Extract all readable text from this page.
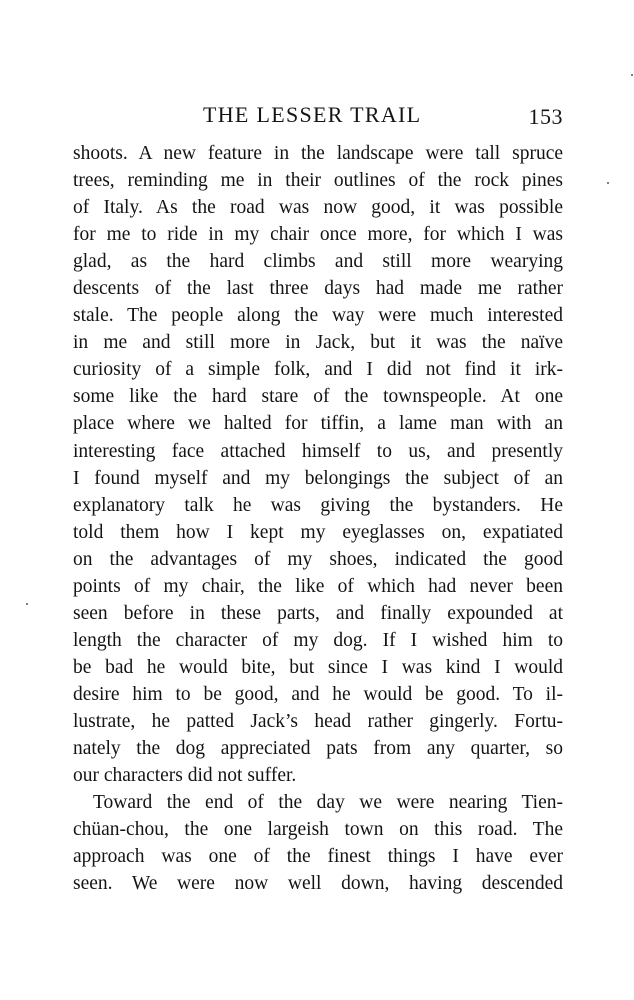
THE LESSER TRAIL	153
shoots. A new feature in the landscape were tall spruce
trees, reminding me in their outlines of the rock pines
of Italy. As the road was now good, it was possible
for me to ride in my chair once more, for which I was
glad, as the hard climbs and still more wearying
descents of the last three days had made me rather
stale. The people along the way were much interested
in me and still more in Jack, but it was the naïve
curiosity of a simple folk, and I did not find it irk-
some like the hard stare of the townspeople. At one
place where we halted for tiffin, a lame man with an
interesting face attached himself to us, and presently
I found myself and my belongings the subject of an
explanatory talk he was giving the bystanders. He
told them how I kept my eyeglasses on, expatiated
on the advantages of my shoes, indicated the good
points of my chair, the like of which had never been
seen before in these parts, and finally expounded at
length the character of my dog. If I wished him to
be bad he would bite, but since I was kind I would
desire him to be good, and he would be good. To il-
lustrate, he patted Jack’s head rather gingerly. Fortu-
nately the dog appreciated pats from any quarter, so
our characters did not suffer.
Toward the end of the day we were nearing Tien-
chüan-chou, the one largeish town on this road. The
approach was one of the finest things I have ever
seen. We were now well down, having descended
